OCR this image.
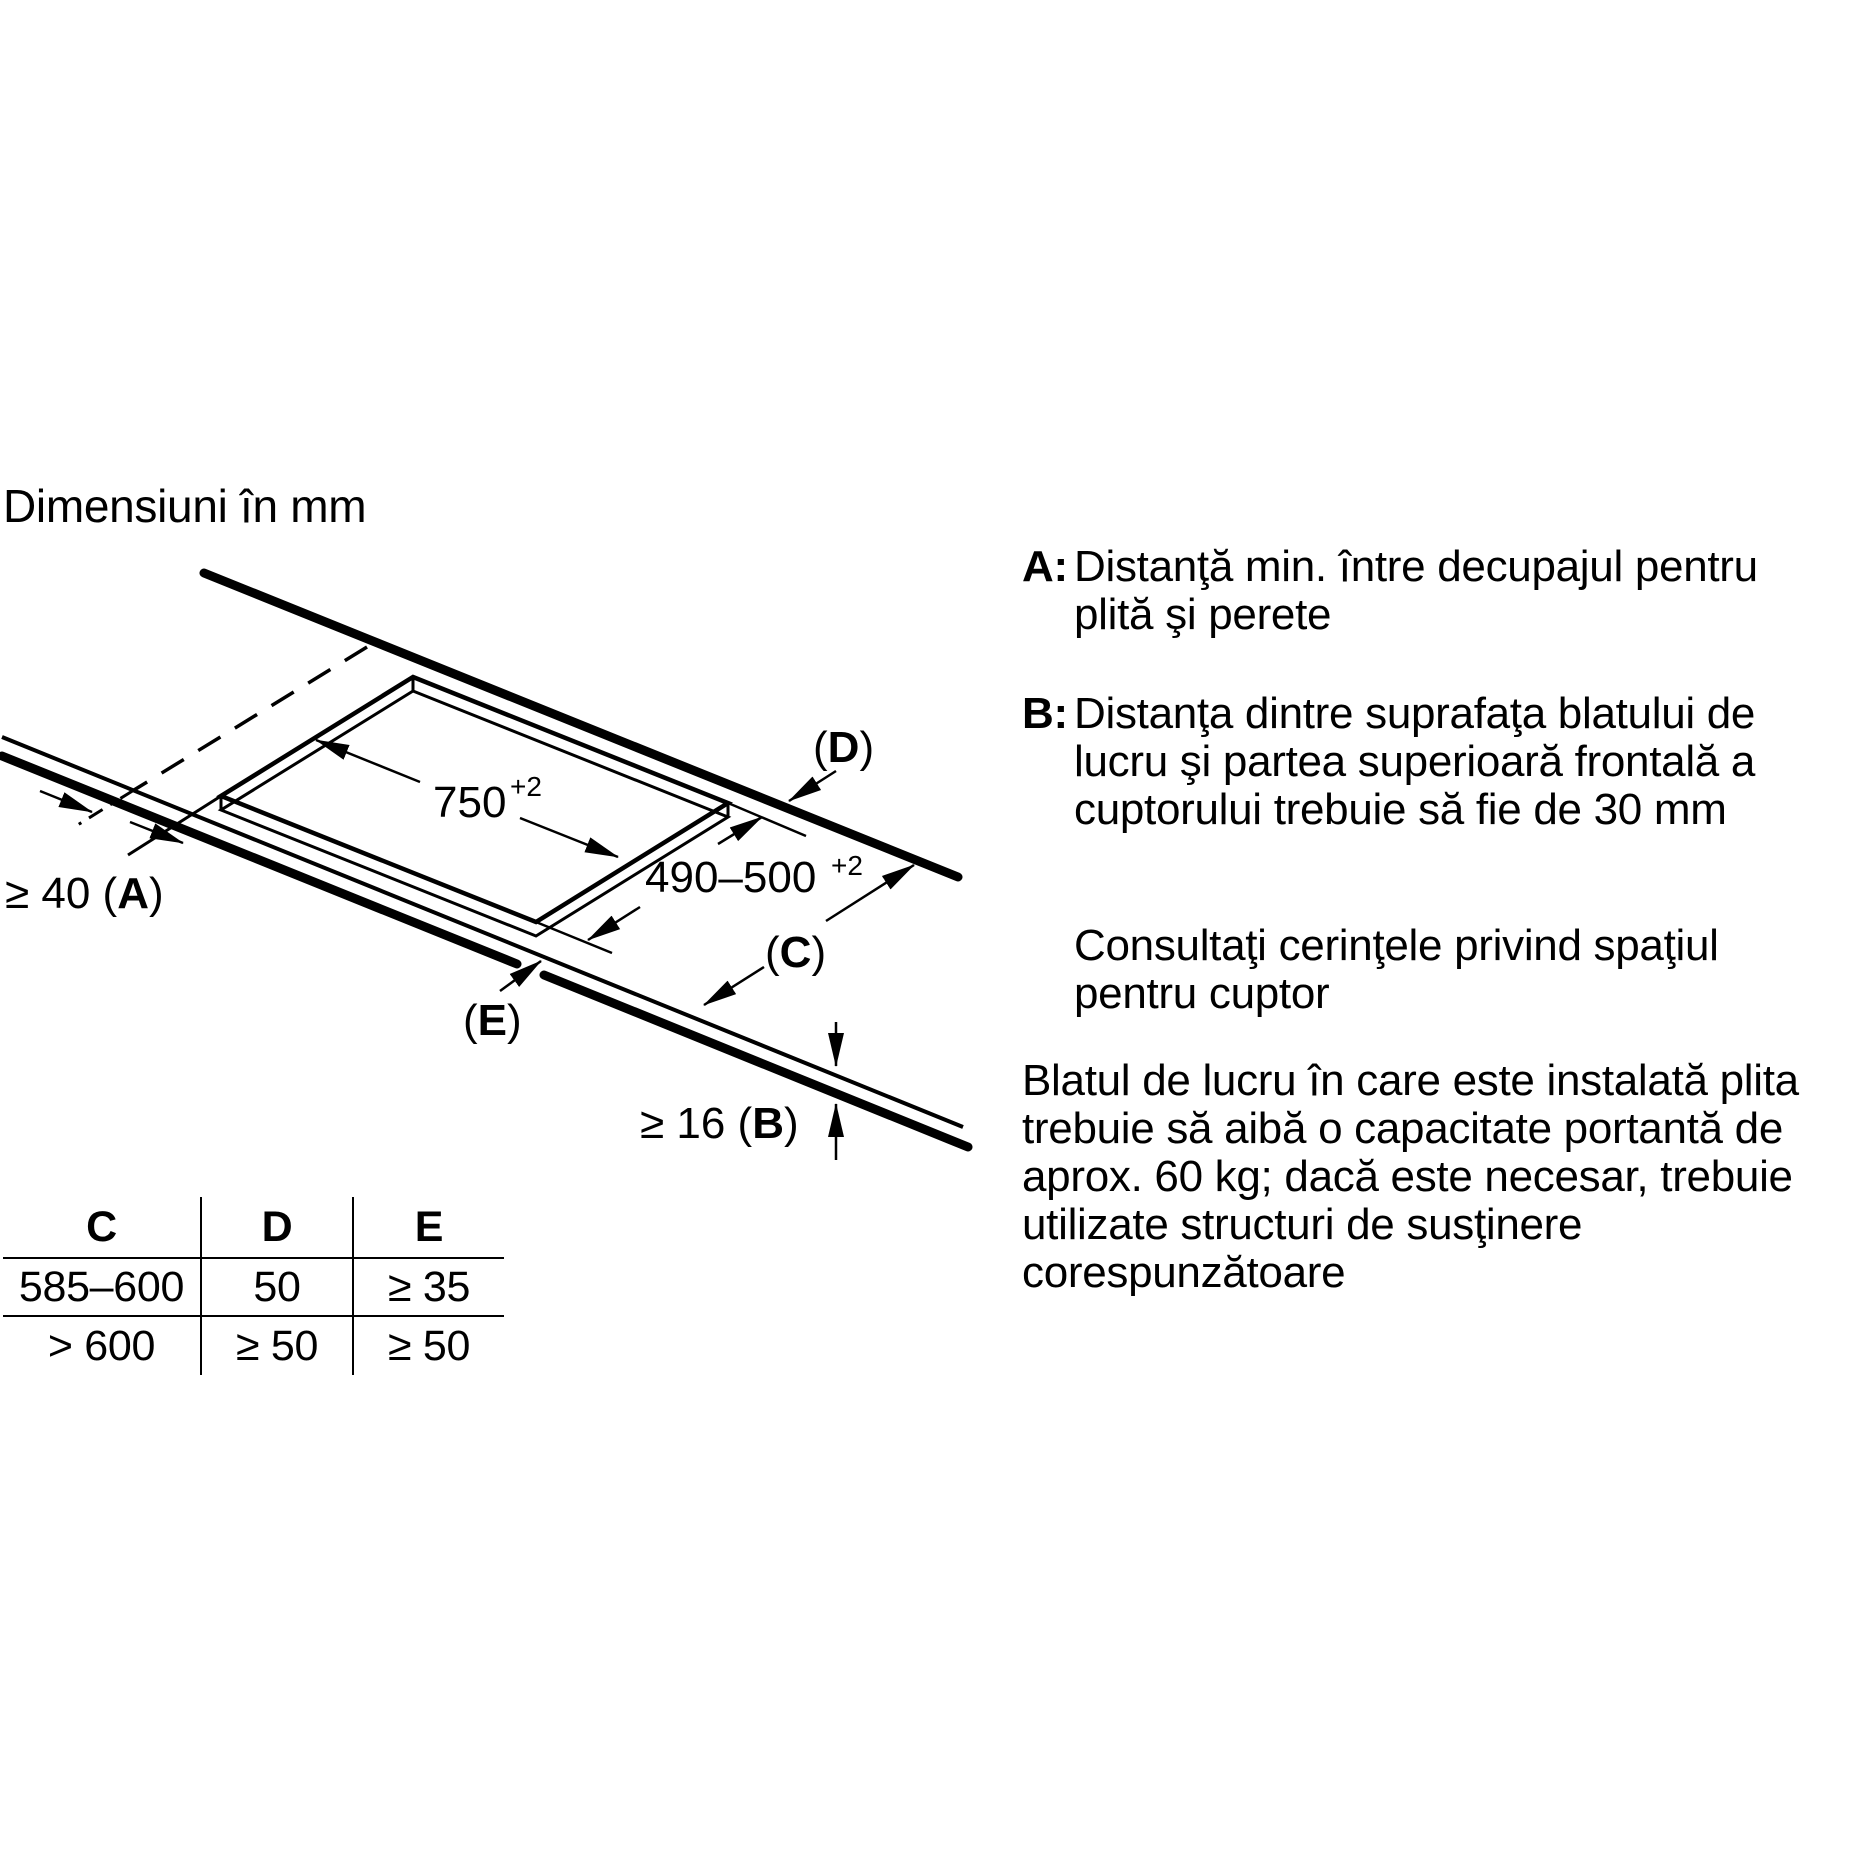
Dimensiuni în mm
750 +2
490–500 +2
≥ 40 (A)
(D)
(C)
(E)
≥ 16 (B)
A: Distanţă min. între decupajul pentru plită şi perete
B: Distanţa dintre suprafaţa blatului de lucru şi partea superioară frontală a cuptorului trebuie să fie de 30 mm
Consultaţi cerinţele privind spaţiul pentru cuptor
Blatul de lucru în care este instalată plita trebuie să aibă o capacitate portantă de aprox. 60 kg; dacă este necesar, trebuie utilizate structuri de susţinere corespunzătoare
C	D	E
585–600	50	≥ 35
> 600	≥ 50	≥ 50
